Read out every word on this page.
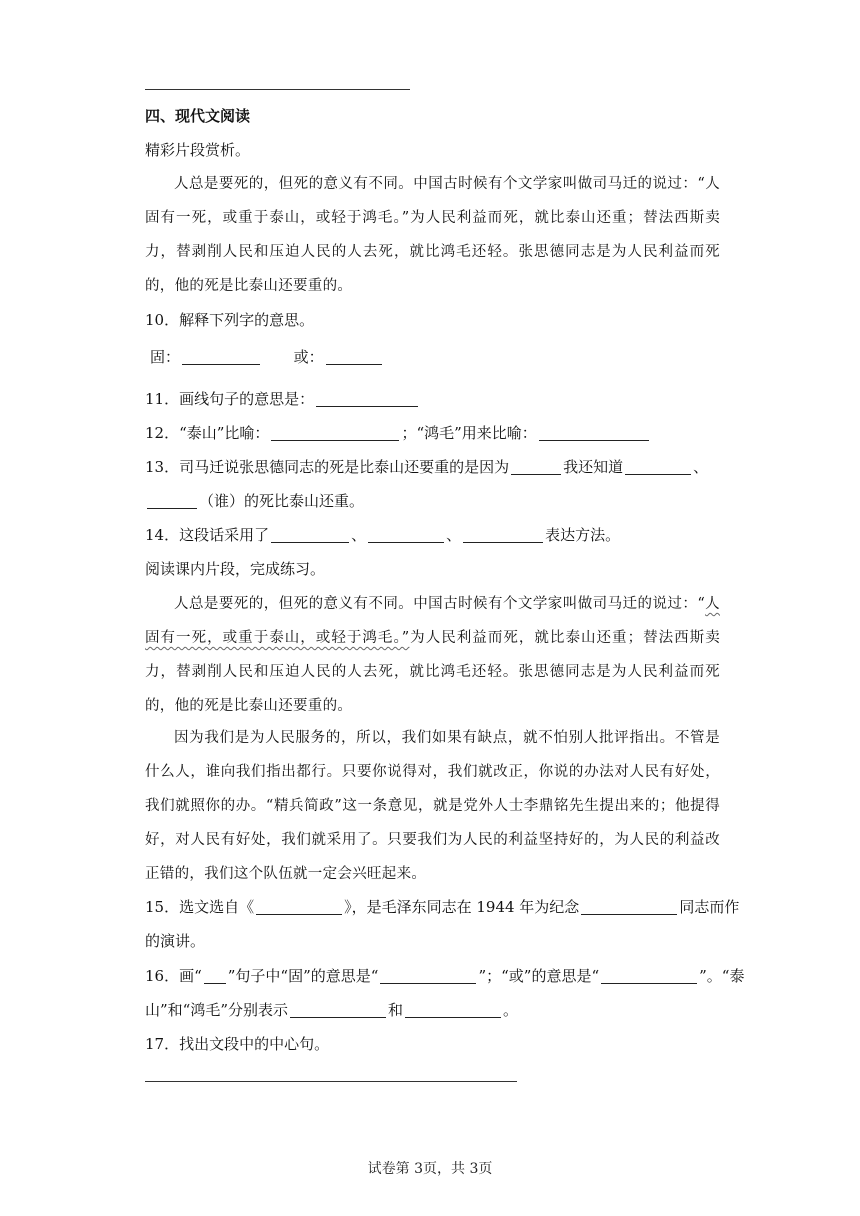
四、现代文阅读
精彩片段赏析。
人总是要死的，但死的意义有不同。中国古时候有个文学家叫做司马迁的说过：“人固有一死，或重于泰山，或轻于鸿毛。”为人民利益而死，就比泰山还重；替法西斯卖力，替剥削人民和压迫人民的人去死，就比鸿毛还轻。张思德同志是为人民利益而死的，他的死是比泰山还要重的。
10．解释下列字的意思。
固：	或：
11．画线句子的意思是：
12．“泰山”比喻：	；“鸿毛”用来比喻：
13．司马迁说张思德同志的死是比泰山还要重的是因为	我还知道	、
（谁）的死比泰山还重。
14．这段话采用了	、	、	表达方法。
阅读课内片段，完成练习。
人总是要死的，但死的意义有不同。中国古时候有个文学家叫做司马迁的说过：“人固有一死，或重于泰山，或轻于鸿毛。”为人民利益而死，就比泰山还重；替法西斯卖力，替剥削人民和压迫人民的人去死，就比鸿毛还轻。张思德同志是为人民利益而死的，他的死是比泰山还要重的。
因为我们是为人民服务的，所以，我们如果有缺点，就不怕别人批评指出。不管是什么人，谁向我们指出都行。只要你说得对，我们就改正，你说的办法对人民有好处，我们就照你的办。“精兵简政”这一条意见，就是党外人士李鼎铭先生提出来的；他提得好，对人民有好处，我们就采用了。只要我们为人民的利益坚持好的，为人民的利益改正错的，我们这个队伍就一定会兴旺起来。
15．选文选自《	》，是毛泽东同志在 1944 年为纪念	同志而作
的演讲。
16．画“ ”句子中“固”的意思是“	”；“或”的意思是“	”。“泰
山”和“鸿毛”分别表示	和	。
17．找出文段中的中心句。
试卷第 3页，共 3页
